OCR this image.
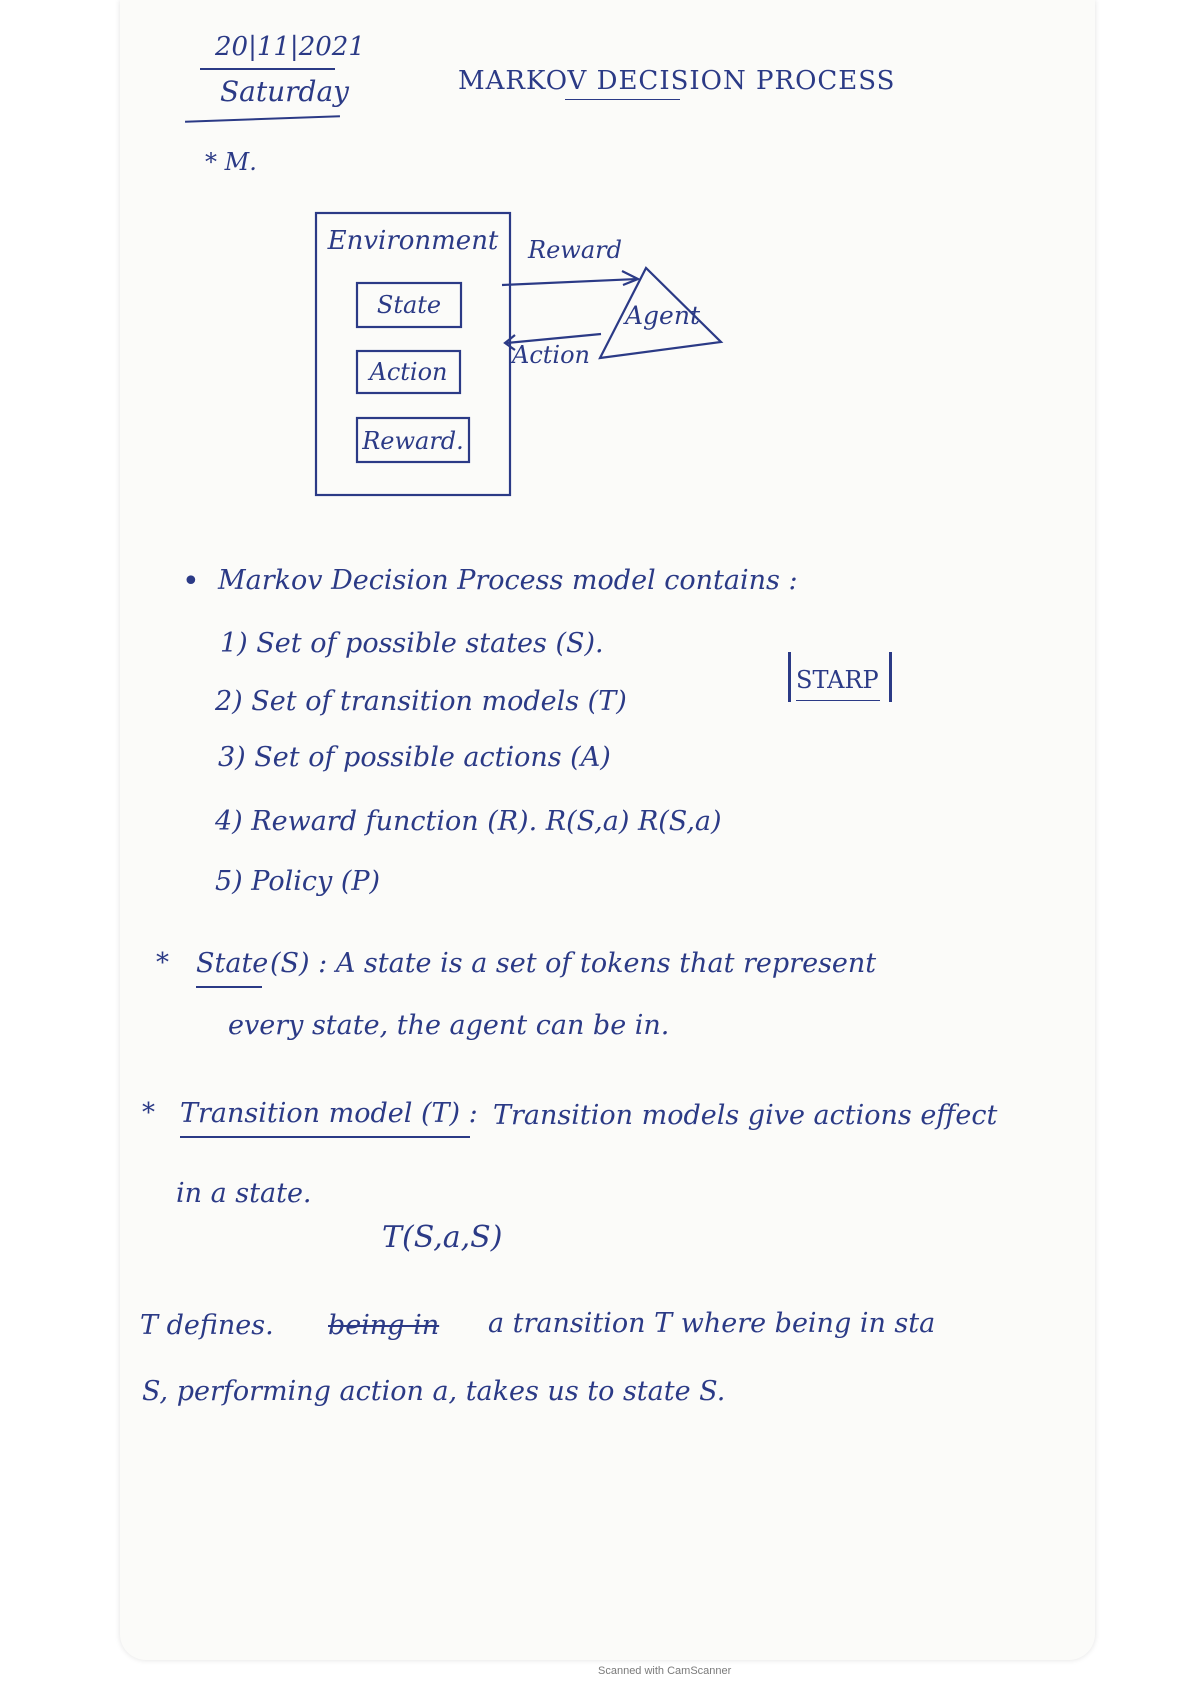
20|11|2021
Saturday	MARKOV DECISION PROCESS
* M.
Environment
State
Action
Reward.
Agent
Reward
Action
• Markov Decision Process model contains :
1) Set of possible states (S).
2) Set of transition models (T)
3) Set of possible actions (A)
4) Reward function (R). R(S,a) R(S,a)
5) Policy (P)
STARP
* State (S) : A state is a set of tokens that represent
every state, the agent can be in.
* Transition model (T) : Transition models give actions effect
in a state.
T(S,a,S)
T defines. being in a transition T where being in sta
S, performing action a, takes us to state S.
Scanned with CamScanner
